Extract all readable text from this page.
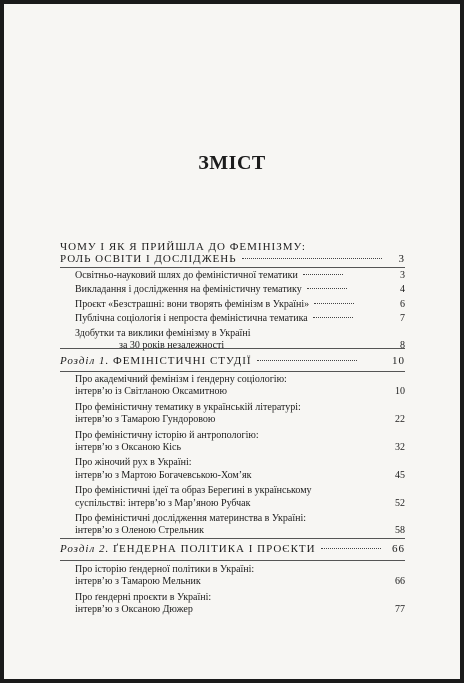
ЗМІСТ
ЧОМУ І ЯК Я ПРИЙШЛА ДО ФЕМІНІЗМУ:
РОЛЬ ОСВІТИ І ДОСЛІДЖЕНЬ	3
Освітньо-науковий шлях до феміністичної тематики	3
Викладання і дослідження на феміністичну тематику	4
Проєкт «Безстрашні: вони творять фемінізм в Україні»	6
Публічна соціологія і непроста феміністична тематика	7
Здобутки та виклики фемінізму в Україні
за 30 років незалежності	8
Розділ 1. ФЕМІНІСТИЧНІ СТУДІЇ	10
Про академічний фемінізм і ґендерну соціологію:
інтерв’ю із Світланою Оксамитною	10
Про феміністичну тематику в українській літературі:
інтерв’ю з Тамарою Гундоровою	22
Про феміністичну історію й антропологію:
інтерв’ю з Оксаною Кісь	32
Про жіночий рух в Україні:
інтерв’ю з Мартою Богачевською-Хом’як	45
Про феміністичні ідеї та образ Берегині в українському
суспільстві: інтерв’ю з Мар’яною Рубчак	52
Про феміністичні дослідження материнства в Україні:
інтерв’ю з Оленою Стрельник	58
Розділ 2. ҐЕНДЕРНА ПОЛІТИКА І ПРОЄКТИ	66
Про історію ґендерної політики в Україні:
інтерв’ю з Тамарою Мельник	66
Про ґендерні проєкти в Україні:
інтерв’ю з Оксаною Дюжер	77
